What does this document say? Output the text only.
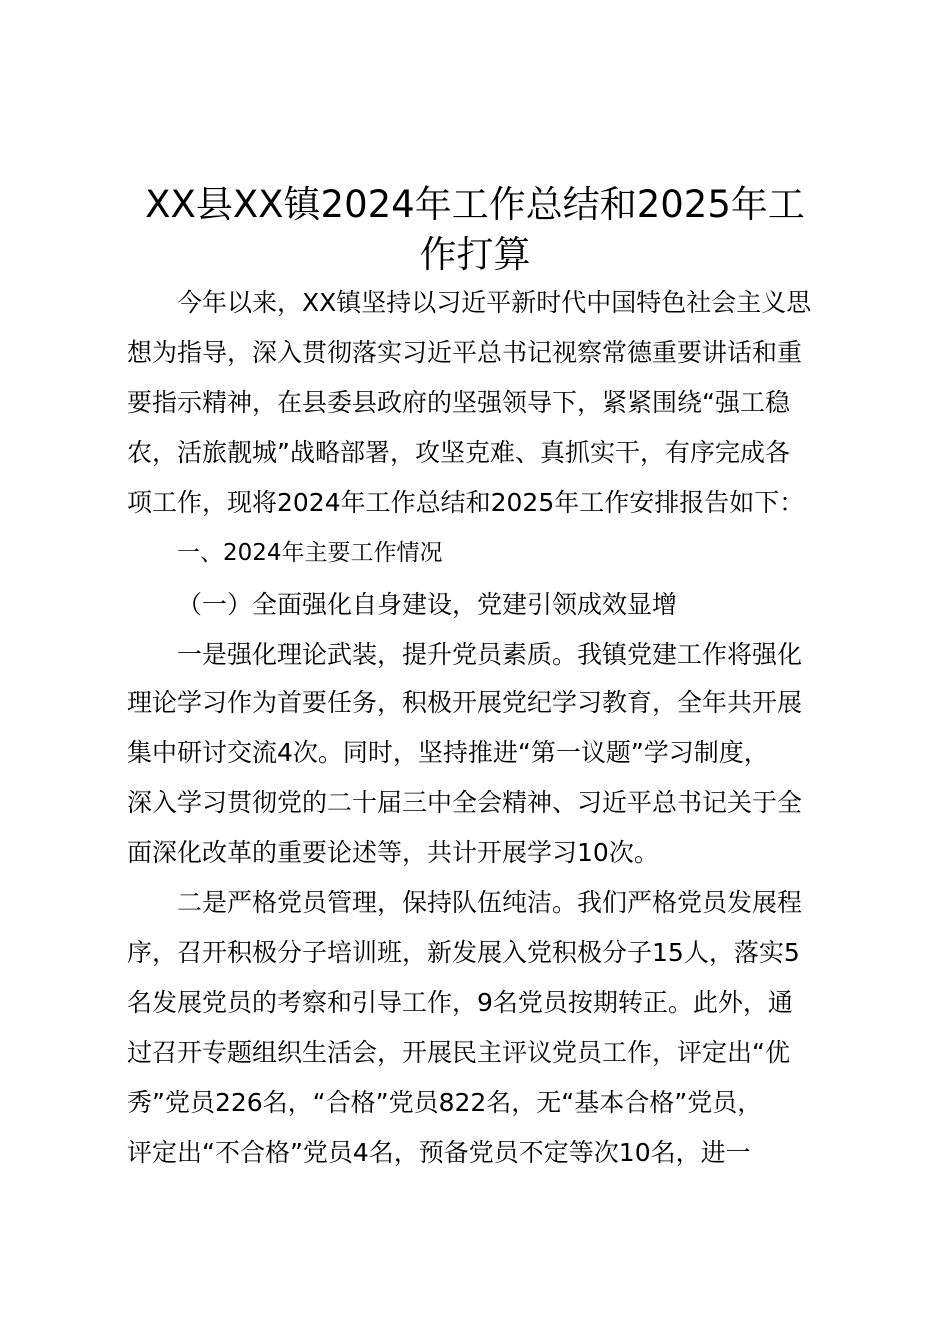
XX县XX镇2024年工作总结和2025年工
作打算
今年以来，XX镇坚持以习近平新时代中国特色社会主义思
想为指导，深入贯彻落实习近平总书记视察常德重要讲话和重
要指示精神，在县委县政府的坚强领导下，紧紧围绕“强工稳
农，活旅靓城”战略部署，攻坚克难、真抓实干，有序完成各
项工作，现将2024年工作总结和2025年工作安排报告如下：
一、2024年主要工作情况
（一）全面强化自身建设，党建引领成效显增
一是强化理论武装，提升党员素质。我镇党建工作将强化
理论学习作为首要任务，积极开展党纪学习教育，全年共开展
集中研讨交流4次。同时，坚持推进“第一议题”学习制度，
深入学习贯彻党的二十届三中全会精神、习近平总书记关于全
面深化改革的重要论述等，共计开展学习10次。
二是严格党员管理，保持队伍纯洁。我们严格党员发展程
序，召开积极分子培训班，新发展入党积极分子15人，落实5
名发展党员的考察和引导工作，9名党员按期转正。此外，通
过召开专题组织生活会，开展民主评议党员工作，评定出“优
秀”党员226名，“合格”党员822名，无“基本合格”党员，
评定出“不合格”党员4名，预备党员不定等次10名，进一
